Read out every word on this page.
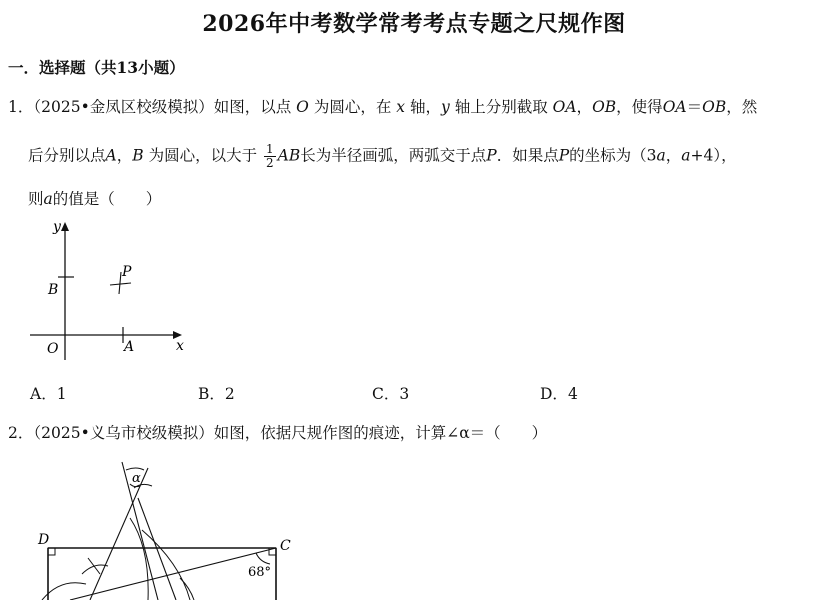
2026年中考数学常考考点专题之尺规作图
一．选择题（共13小题）
1．（2025•金凤区校级模拟）如图，以点 O 为圆心，在 x 轴，y 轴上分别截取 OA，OB，使得OA＝OB，然
后分别以点A，B 为圆心，以大于 $\frac{1}{2}$ AB长为半径画弧，两弧交于点P．如果点P的坐标为（3a，a+4），
则a的值是（　　）
y
B
P
O	A	x
A．1	B．2	C．3	D．4
2．（2025•义乌市校级模拟）如图，依据尺规作图的痕迹，计算∠α＝（　　）
α
D	C
68°
